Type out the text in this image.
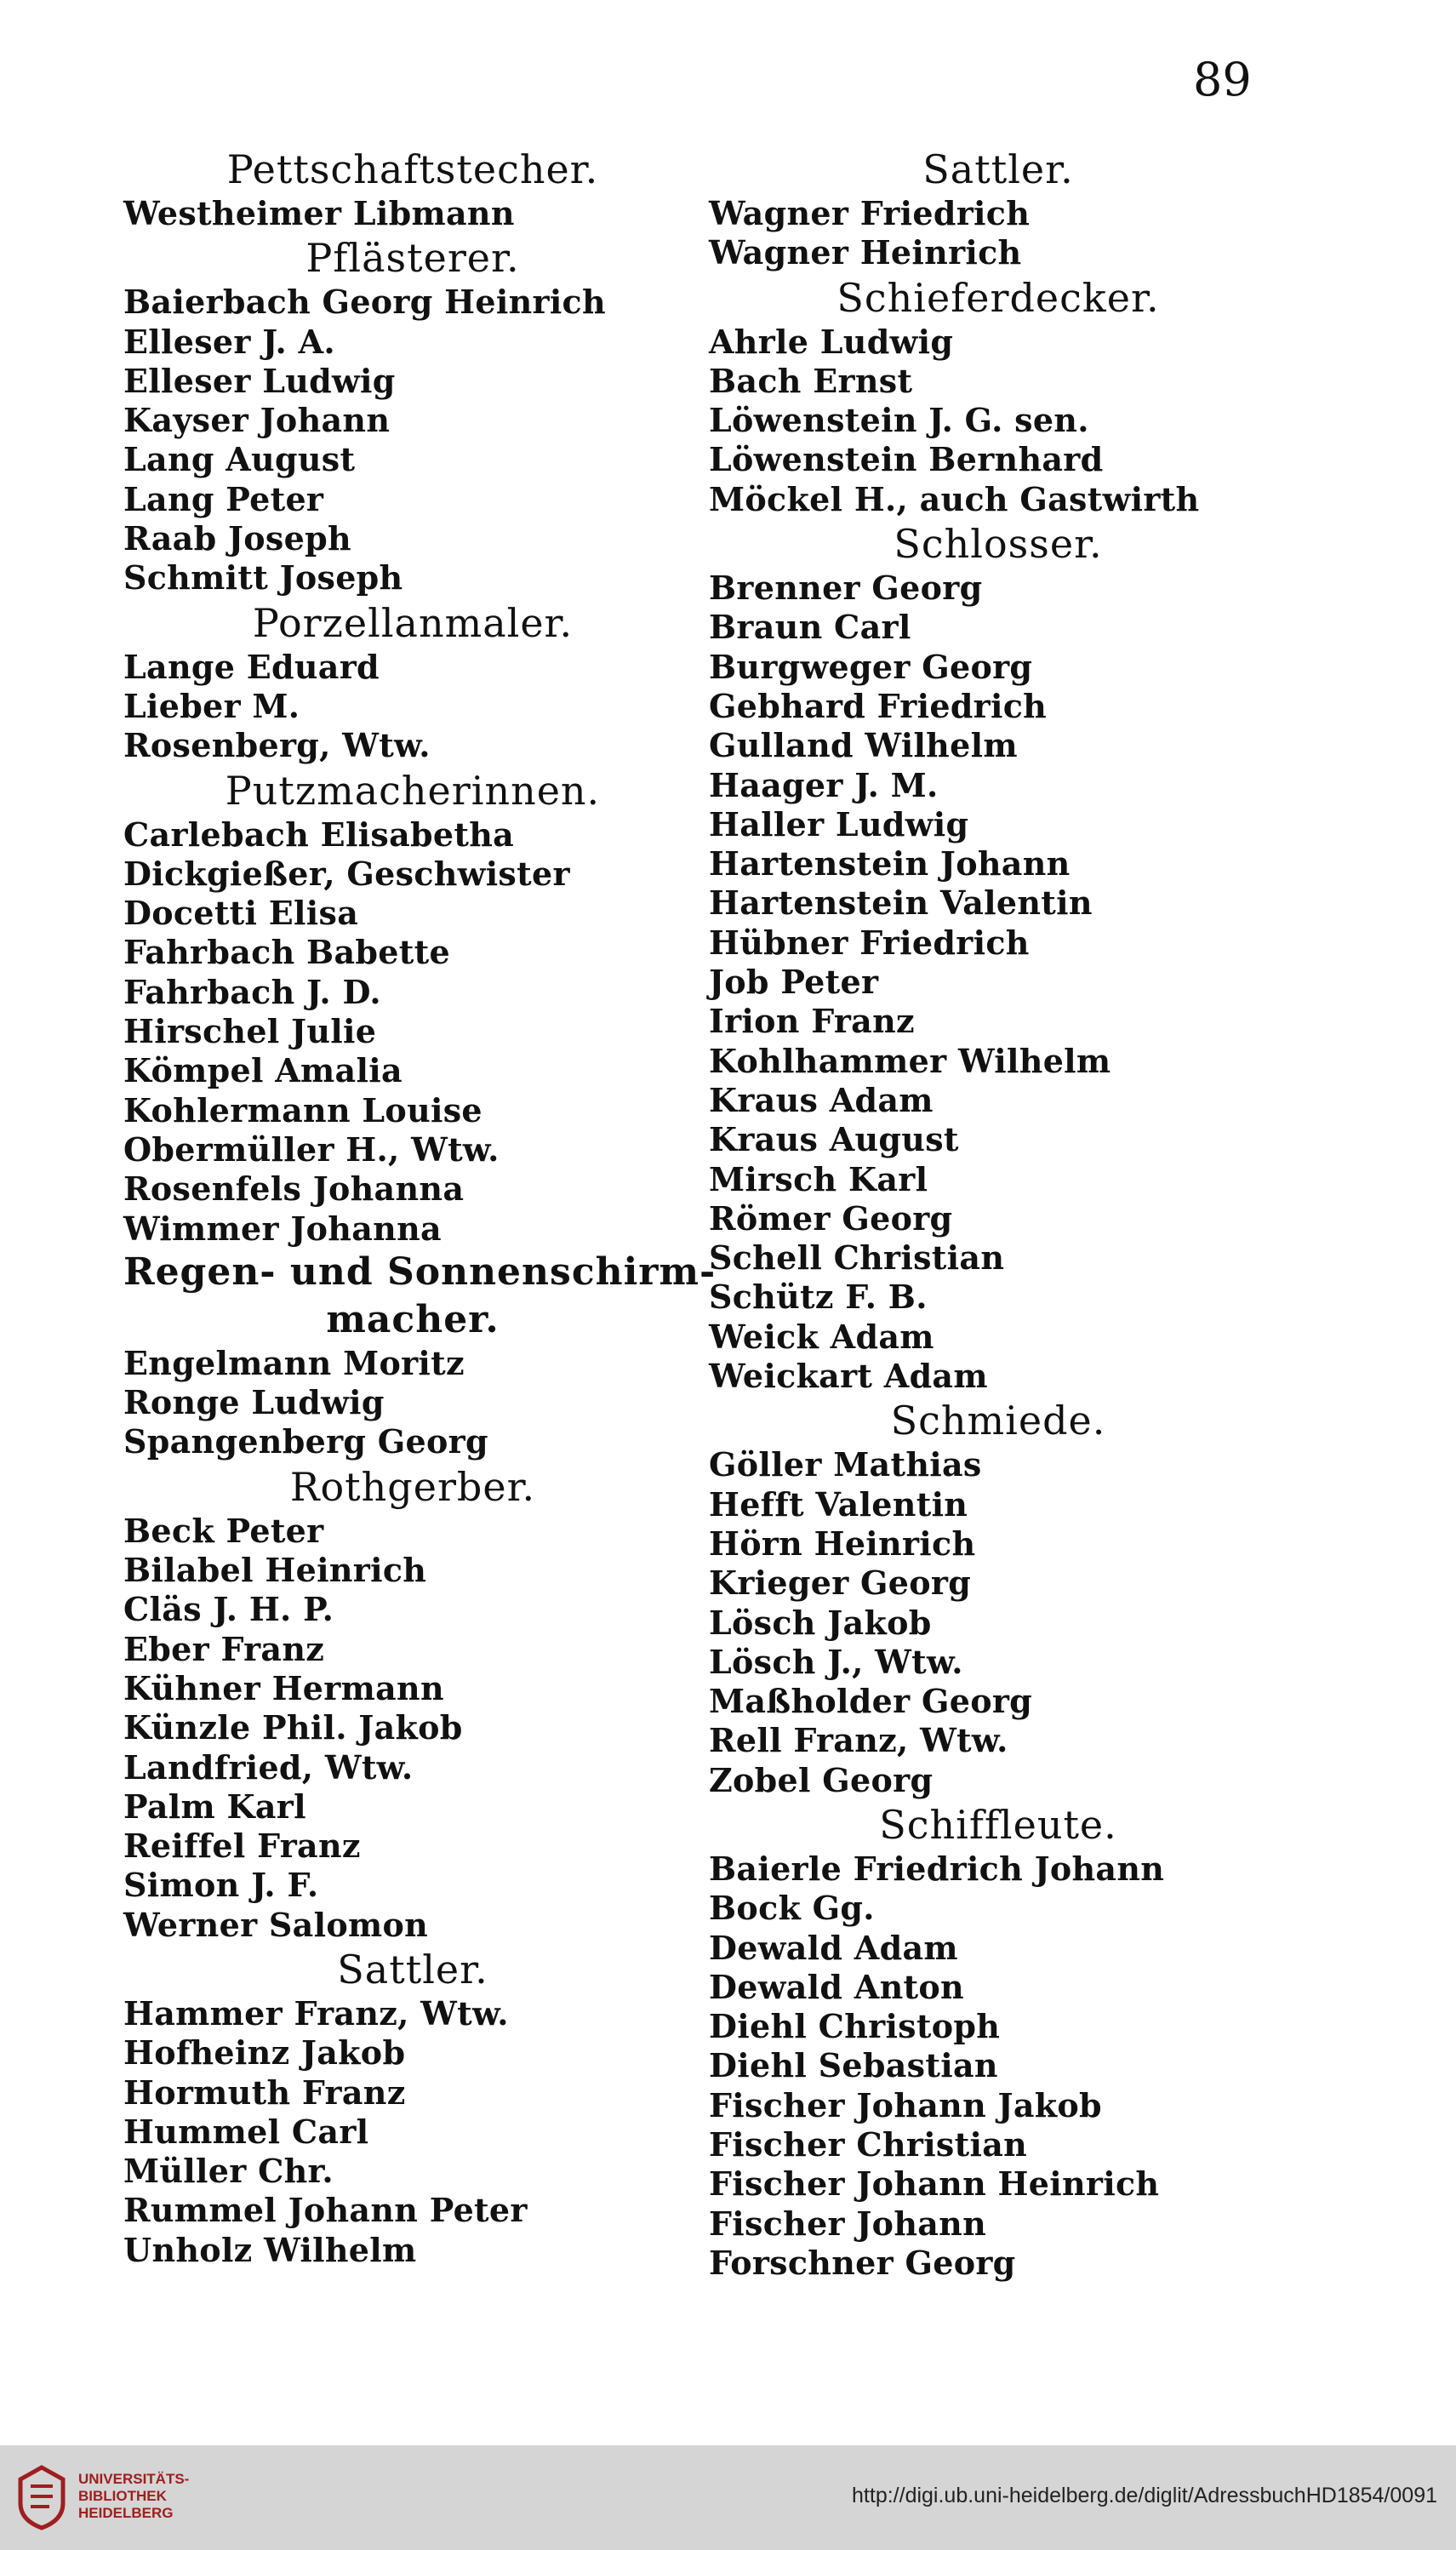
89
Pettschaftstecher.
Westheimer Libmann
Pflästerer.
Baierbach Georg Heinrich
Elleser J. A.
Elleser Ludwig
Kayser Johann
Lang August
Lang Peter
Raab Joseph
Schmitt Joseph
Porzellanmaler.
Lange Eduard
Lieber M.
Rosenberg, Wtw.
Putzmacherinnen.
Carlebach Elisabetha
Dickgießer, Geschwister
Docetti Elisa
Fahrbach Babette
Fahrbach J. D.
Hirschel Julie
Kömpel Amalia
Kohlermann Louise
Obermüller H., Wtw.
Rosenfels Johanna
Wimmer Johanna
Regen- und Sonnenschirm-
macher.
Engelmann Moritz
Ronge Ludwig
Spangenberg Georg
Rothgerber.
Beck Peter
Bilabel Heinrich
Cläs J. H. P.
Eber Franz
Kühner Hermann
Künzle Phil. Jakob
Landfried, Wtw.
Palm Karl
Reiffel Franz
Simon J. F.
Werner Salomon
Sattler.
Hammer Franz, Wtw.
Hofheinz Jakob
Hormuth Franz
Hummel Carl
Müller Chr.
Rummel Johann Peter
Unholz Wilhelm
Sattler.
Wagner Friedrich
Wagner Heinrich
Schieferdecker.
Ahrle Ludwig
Bach Ernst
Löwenstein J. G. sen.
Löwenstein Bernhard
Möckel H., auch Gastwirth
Schlosser.
Brenner Georg
Braun Carl
Burgweger Georg
Gebhard Friedrich
Gulland Wilhelm
Haager J. M.
Haller Ludwig
Hartenstein Johann
Hartenstein Valentin
Hübner Friedrich
Job Peter
Irion Franz
Kohlhammer Wilhelm
Kraus Adam
Kraus August
Mirsch Karl
Römer Georg
Schell Christian
Schütz F. B.
Weick Adam
Weickart Adam
Schmiede.
Göller Mathias
Hefft Valentin
Hörn Heinrich
Krieger Georg
Lösch Jakob
Lösch J., Wtw.
Maßholder Georg
Rell Franz, Wtw.
Zobel Georg
Schiffleute.
Baierle Friedrich Johann
Bock Gg.
Dewald Adam
Dewald Anton
Diehl Christoph
Diehl Sebastian
Fischer Johann Jakob
Fischer Christian
Fischer Johann Heinrich
Fischer Johann
Forschner Georg
UNIVERSITÄTS-
BIBLIOTHEK
HEIDELBERG
http://digi.ub.uni-heidelberg.de/diglit/AdressbuchHD1854/0091
